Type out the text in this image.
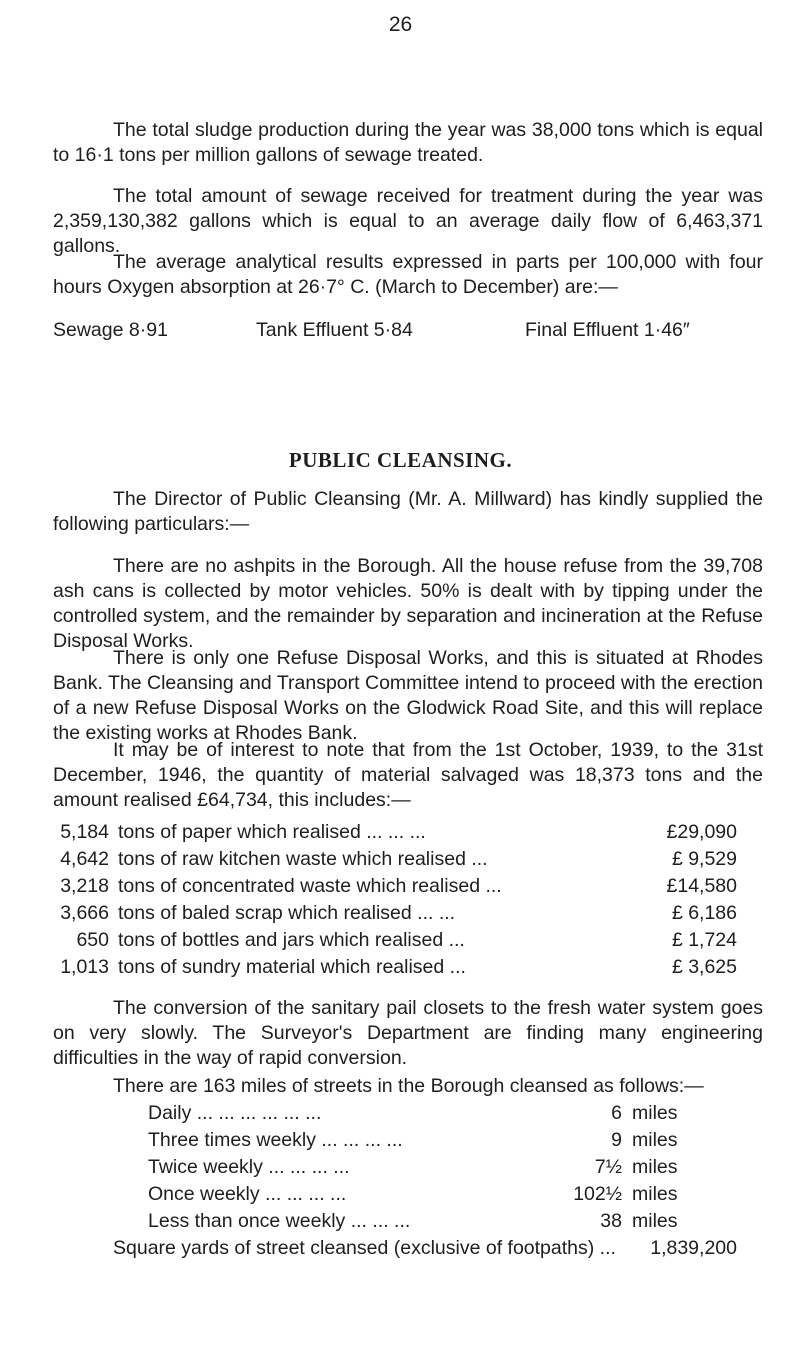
26
The total sludge production during the year was 38,000 tons which is equal to 16·1 tons per million gallons of sewage treated.
The total amount of sewage received for treatment during the year was 2,359,130,382 gallons which is equal to an average daily flow of 6,463,371 gallons.
The average analytical results expressed in parts per 100,000 with four hours Oxygen absorption at 26·7° C. (March to December) are:—
Sewage 8·91	Tank Effluent 5·84	Final Effluent 1·46″
PUBLIC CLEANSING.
The Director of Public Cleansing (Mr. A. Millward) has kindly supplied the following particulars:—
There are no ashpits in the Borough. All the house refuse from the 39,708 ash cans is collected by motor vehicles. 50% is dealt with by tipping under the controlled system, and the remainder by separation and incineration at the Refuse Disposal Works.
There is only one Refuse Disposal Works, and this is situated at Rhodes Bank. The Cleansing and Transport Committee intend to proceed with the erection of a new Refuse Disposal Works on the Glodwick Road Site, and this will replace the existing works at Rhodes Bank.
It may be of interest to note that from the 1st October, 1939, to the 31st December, 1946, the quantity of material salvaged was 18,373 tons and the amount realised £64,734, this includes:—
5,184 tons of paper which realised ... ... ...	£29,090
4,642 tons of raw kitchen waste which realised ...	£ 9,529
3,218 tons of concentrated waste which realised ...	£14,580
3,666 tons of baled scrap which realised ... ...	£ 6,186
650 tons of bottles and jars which realised ...	£ 1,724
1,013 tons of sundry material which realised ...	£ 3,625
The conversion of the sanitary pail closets to the fresh water system goes on very slowly. The Surveyor's Department are finding many engineering difficulties in the way of rapid conversion.
There are 163 miles of streets in the Borough cleansed as follows:—
Daily ... ... ... ... ... ...	6 miles
Three times weekly ... ... ... ...	9 miles
Twice weekly ... ... ... ...	7½ miles
Once weekly ... ... ... ...	102½ miles
Less than once weekly ... ... ...	38 miles
Square yards of street cleansed (exclusive of footpaths) ...	1,839,200
